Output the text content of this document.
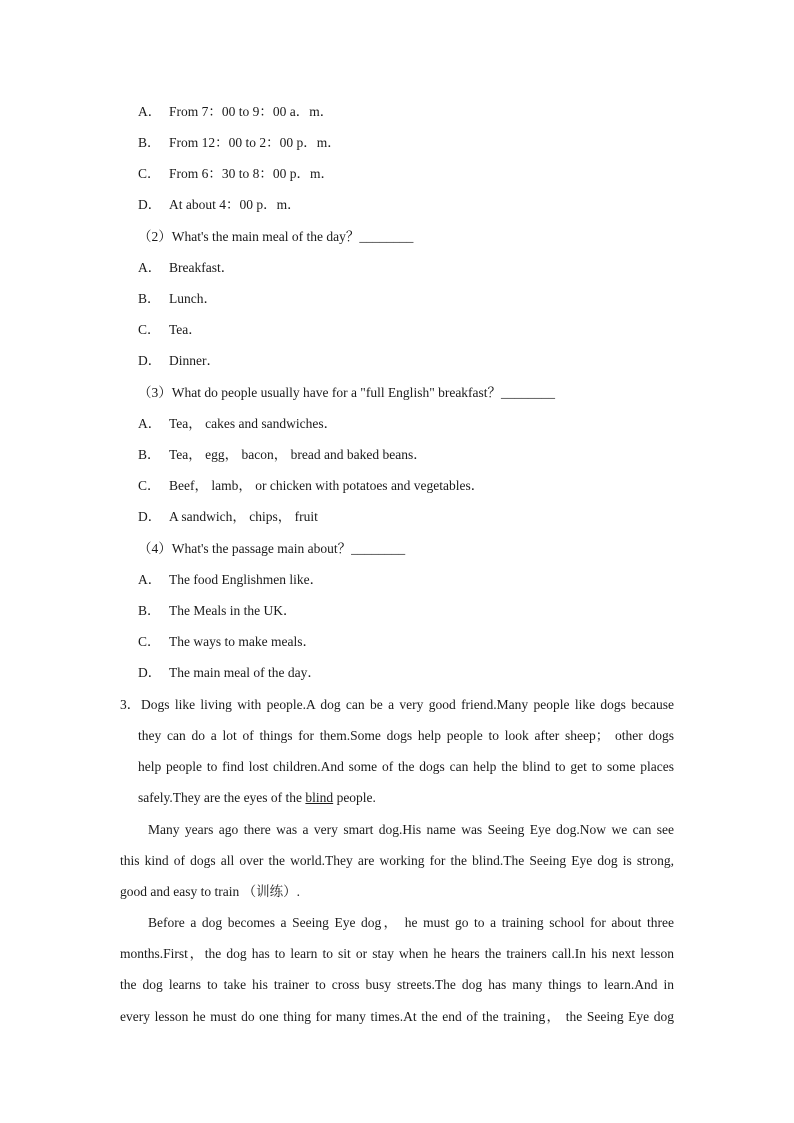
A． From 7：00 to 9：00 a．m．
B． From 12：00 to 2：00 p．m．
C． From 6：30 to 8：00 p．m．
D． At about 4：00 p．m．
（2）What's the main meal of the day？________
A． Breakfast．
B． Lunch．
C． Tea．
D． Dinner．
（3）What do people usually have for a "full English" breakfast？________
A． Tea， cakes and sandwiches．
B． Tea， egg， bacon， bread and baked beans．
C． Beef， lamb， or chicken with potatoes and vegetables．
D． A sandwich， chips， fruit
（4）What's the passage main about？________
A． The food Englishmen like．
B． The Meals in the UK．
C． The ways to make meals．
D． The main meal of the day．
3． Dogs like living with people.A dog can be a very good friend.Many people like dogs because
they can do a lot of things for them.Some dogs help people to look after sheep； other dogs
help people to find lost children.And some of the dogs can help the blind to get to some places
safely.They are the eyes of the blind people.
Many years ago there was a very smart dog.His name was Seeing Eye dog.Now we can see
this kind of dogs all over the world.They are working for the blind.The Seeing Eye dog is strong,
good and easy to train （训练）.
Before a dog becomes a Seeing Eye dog， he must go to a training school for about three
months.First，the dog has to learn to sit or stay when he hears the trainers call.In his next lesson
the dog learns to take his trainer to cross busy streets.The dog has many things to learn.And in
every lesson he must do one thing for many times.At the end of the training， the Seeing Eye dog
